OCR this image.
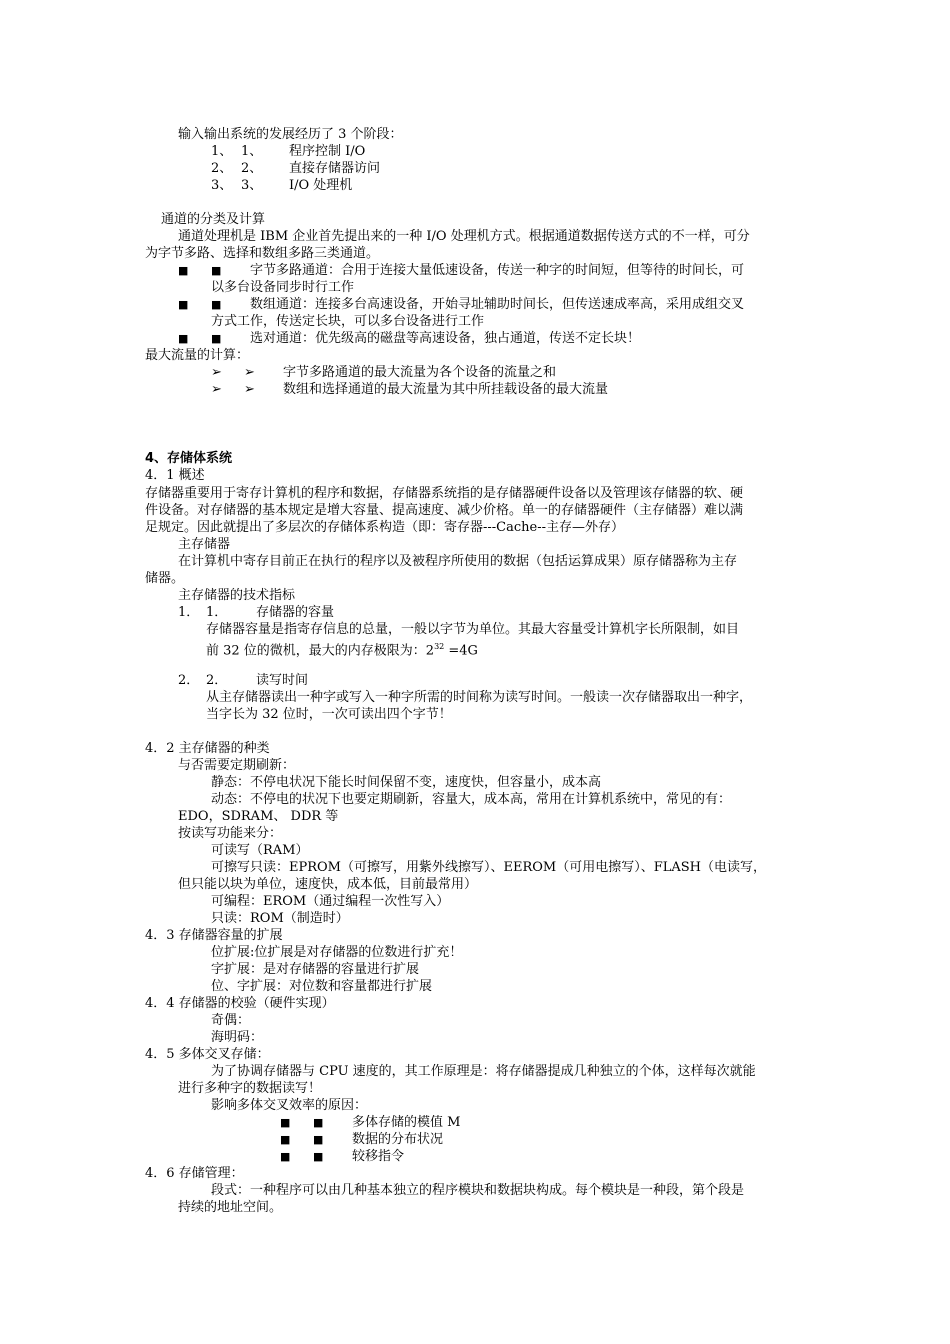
输入输出系统的发展经历了 3 个阶段：
1、 1、 程序控制 I/O
2、 2、 直接存储器访问
3、 3、 I/O 处理机
通道的分类及计算
通道处理机是 IBM 企业首先提出来的一种 I/O 处理机方式。根据通道数据传送方式的不一样，可分
为字节多路、选择和数组多路三类通道。
■ ■ 字节多路通道：合用于连接大量低速设备，传送一种字的时间短，但等待的时间长，可
以多台设备同步时行工作
■ ■ 数组通道：连接多台高速设备，开始寻址辅助时间长，但传送速成率高，采用成组交叉
方式工作，传送定长块，可以多台设备进行工作
■ ■ 选对通道：优先级高的磁盘等高速设备，独占通道，传送不定长块！
最大流量的计算：
➢ ➢ 字节多路通道的最大流量为各个设备的流量之和
➢ ➢ 数组和选择通道的最大流量为其中所挂载设备的最大流量
4、存储体系统
4．1 概述
存储器重要用于寄存计算机的程序和数据，存储器系统指的是存储器硬件设备以及管理该存储器的软、硬
件设备。对存储器的基本规定是增大容量、提高速度、减少价格。单一的存储器硬件（主存储器）难以满
足规定。因此就提出了多层次的存储体系构造（即：寄存器---Cache--主存—外存）
主存储器
在计算机中寄存目前正在执行的程序以及被程序所使用的数据（包括运算成果）原存储器称为主存
储器。
主存储器的技术指标
1． 1． 存储器的容量
存储器容量是指寄存信息的总量，一般以字节为单位。其最大容量受计算机字长所限制，如目
前 32 位的微机，最大的内存极限为：$2^{32} =4G$
2． 2． 读写时间
从主存储器读出一种字或写入一种字所需的时间称为读写时间。一般读一次存储器取出一种字，
当字长为 32 位时，一次可读出四个字节！
4．2 主存储器的种类
与否需要定期刷新：
静态：不停电状况下能长时间保留不变，速度快，但容量小，成本高
动态：不停电的状况下也要定期刷新，容量大，成本高，常用在计算机系统中，常见的有：
EDO，SDRAM、 DDR 等
按读写功能来分：
可读写（RAM）
可擦写只读：EPROM（可擦写，用紫外线擦写）、EEROM（可用电擦写）、FLASH（电读写，
但只能以块为单位，速度快，成本低，目前最常用）
可编程：EROM（通过编程一次性写入）
只读：ROM（制造时）
4．3 存储器容量的扩展
位扩展:位扩展是对存储器的位数进行扩充！
字扩展：是对存储器的容量进行扩展
位、字扩展：对位数和容量都进行扩展
4．4 存储器的校验（硬件实现）
奇偶：
海明码：
4．5 多体交叉存储：
为了协调存储器与 CPU 速度的，其工作原理是：将存储器提成几种独立的个体，这样每次就能
进行多种字的数据读写！
影响多体交叉效率的原因：
■ ■ 多体存储的模值 M
■ ■ 数据的分布状况
■ ■ 较移指令
4．6 存储管理：
段式：一种程序可以由几种基本独立的程序模块和数据块构成。每个模块是一种段，第个段是
持续的地址空间。
